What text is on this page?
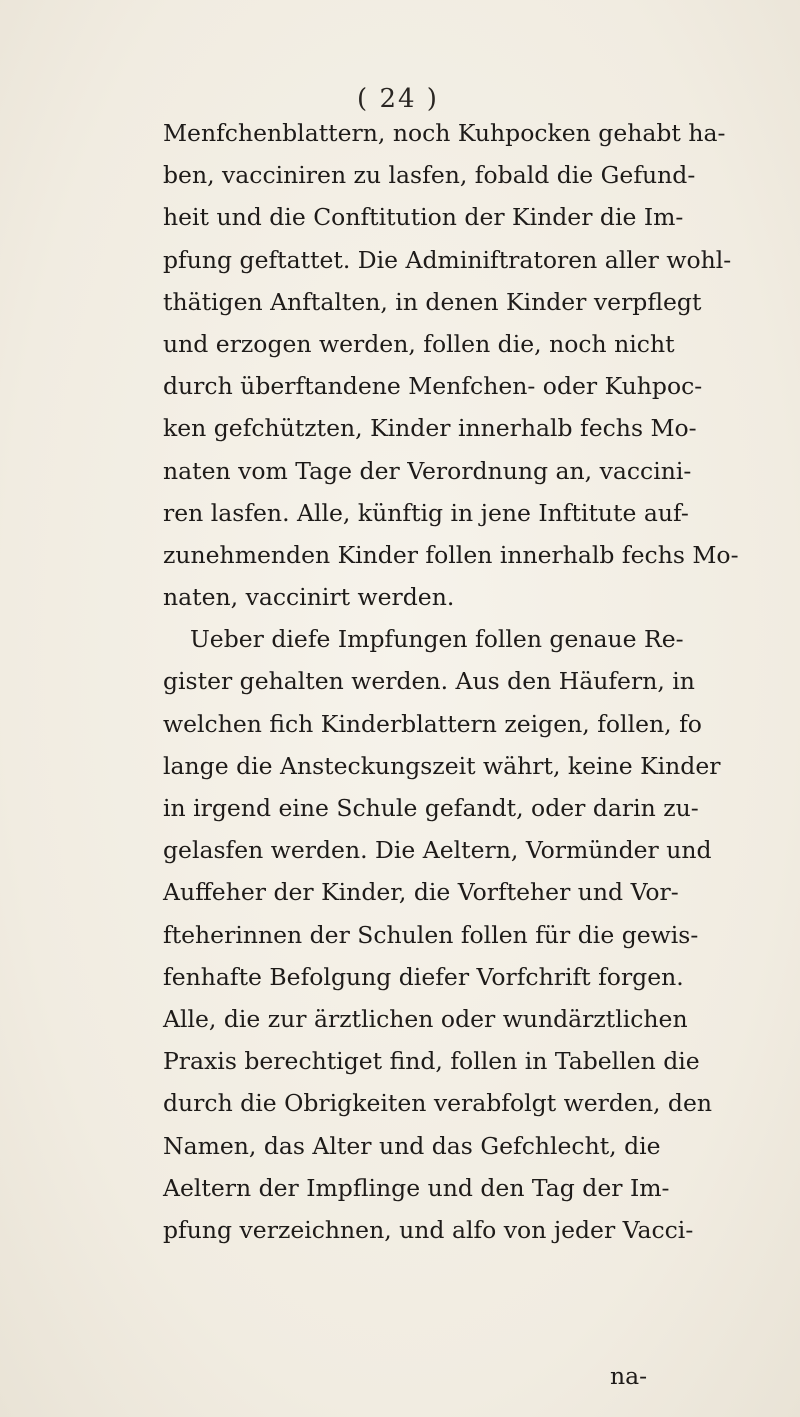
( 24 )
Menfchenblattern, noch Kuhpocken gehabt ha-
ben, vacciniren zu lasfen, fobald die Gefund-
heit und die Conftitution der Kinder die Im-
pfung geftattet. Die Adminiftratoren aller wohl-
thätigen Anftalten, in denen Kinder verpflegt
und erzogen werden, follen die, noch nicht
durch überftandene Menfchen- oder Kuhpoc-
ken gefchützten, Kinder innerhalb fechs Mo-
naten vom Tage der Verordnung an, vaccini-
ren lasfen. Alle, künftig in jene Inftitute auf-
zunehmenden Kinder follen innerhalb fechs Mo-
naten, vaccinirt werden.
Ueber diefe Impfungen follen genaue Re-
gister gehalten werden. Aus den Häufern, in
welchen fich Kinderblattern zeigen, follen, fo
lange die Ansteckungszeit währt, keine Kinder
in irgend eine Schule gefandt, oder darin zu-
gelasfen werden. Die Aeltern, Vormünder und
Auffeher der Kinder, die Vorfteher und Vor-
fteherinnen der Schulen follen für die gewis-
fenhafte Befolgung diefer Vorfchrift forgen.
Alle, die zur ärztlichen oder wundärztlichen
Praxis berechtiget find, follen in Tabellen die
durch die Obrigkeiten verabfolgt werden, den
Namen, das Alter und das Gefchlecht, die
Aeltern der Impflinge und den Tag der Im-
pfung verzeichnen, und alfo von jeder Vacci-
na-
